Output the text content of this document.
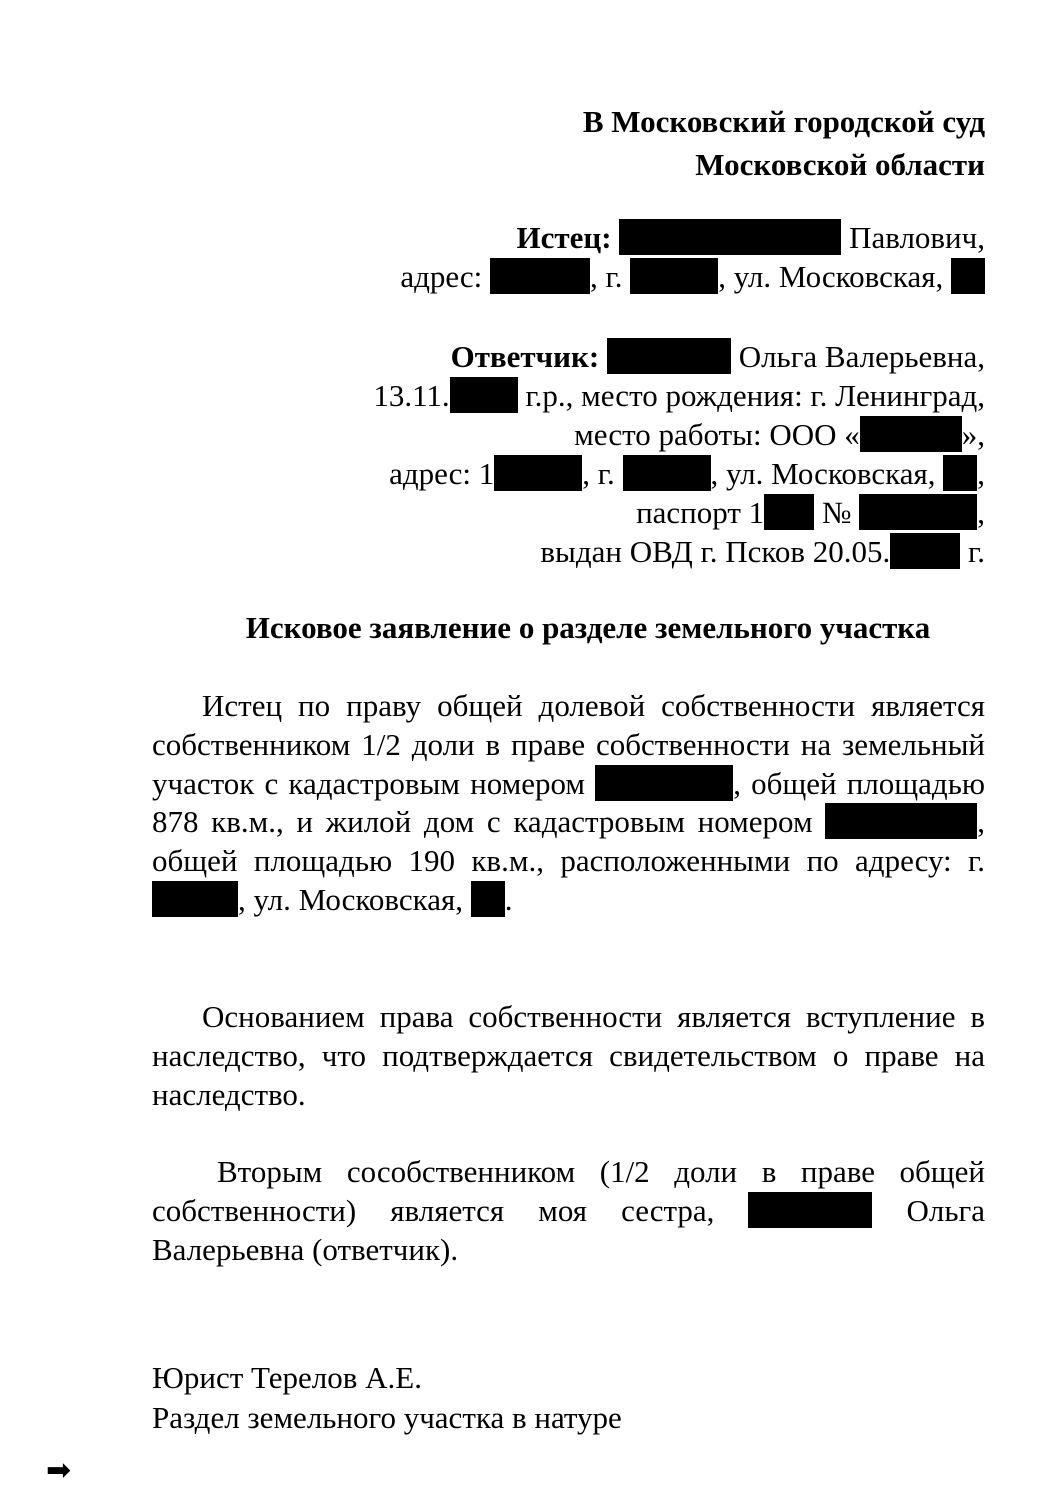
В Московский городской суд
Московской области
Истец:	Павлович,
адрес:	, г.	, ул. Московская,
Ответчик:	Ольга Валерьевна,
13.11. г.р., место рождения: г. Ленинград,
место работы: ООО «	»,
адрес: 1	, г.	, ул. Московская, ,
паспорт 1 №	,
выдан ОВД г. Псков 20.05.	г.
Исковое заявление о разделе земельного участка
Истец по праву общей долевой собственности является собственником 1/2 доли в праве собственности на земельный участок с кадастровым номером	, общей площадью 878 кв.м., и жилой дом с кадастровым номером	, общей площадью 190 кв.м., расположенными по адресу: г. , ул. Московская, .
Основанием права собственности является вступление в наследство, что подтверждается свидетельством о праве на наследство.
Вторым сособственником (1/2 доли в праве общей собственности) является моя сестра,	Ольга Валерьевна (ответчик).
Юрист Терелов А.Е.
Раздел земельного участка в натуре
➡
